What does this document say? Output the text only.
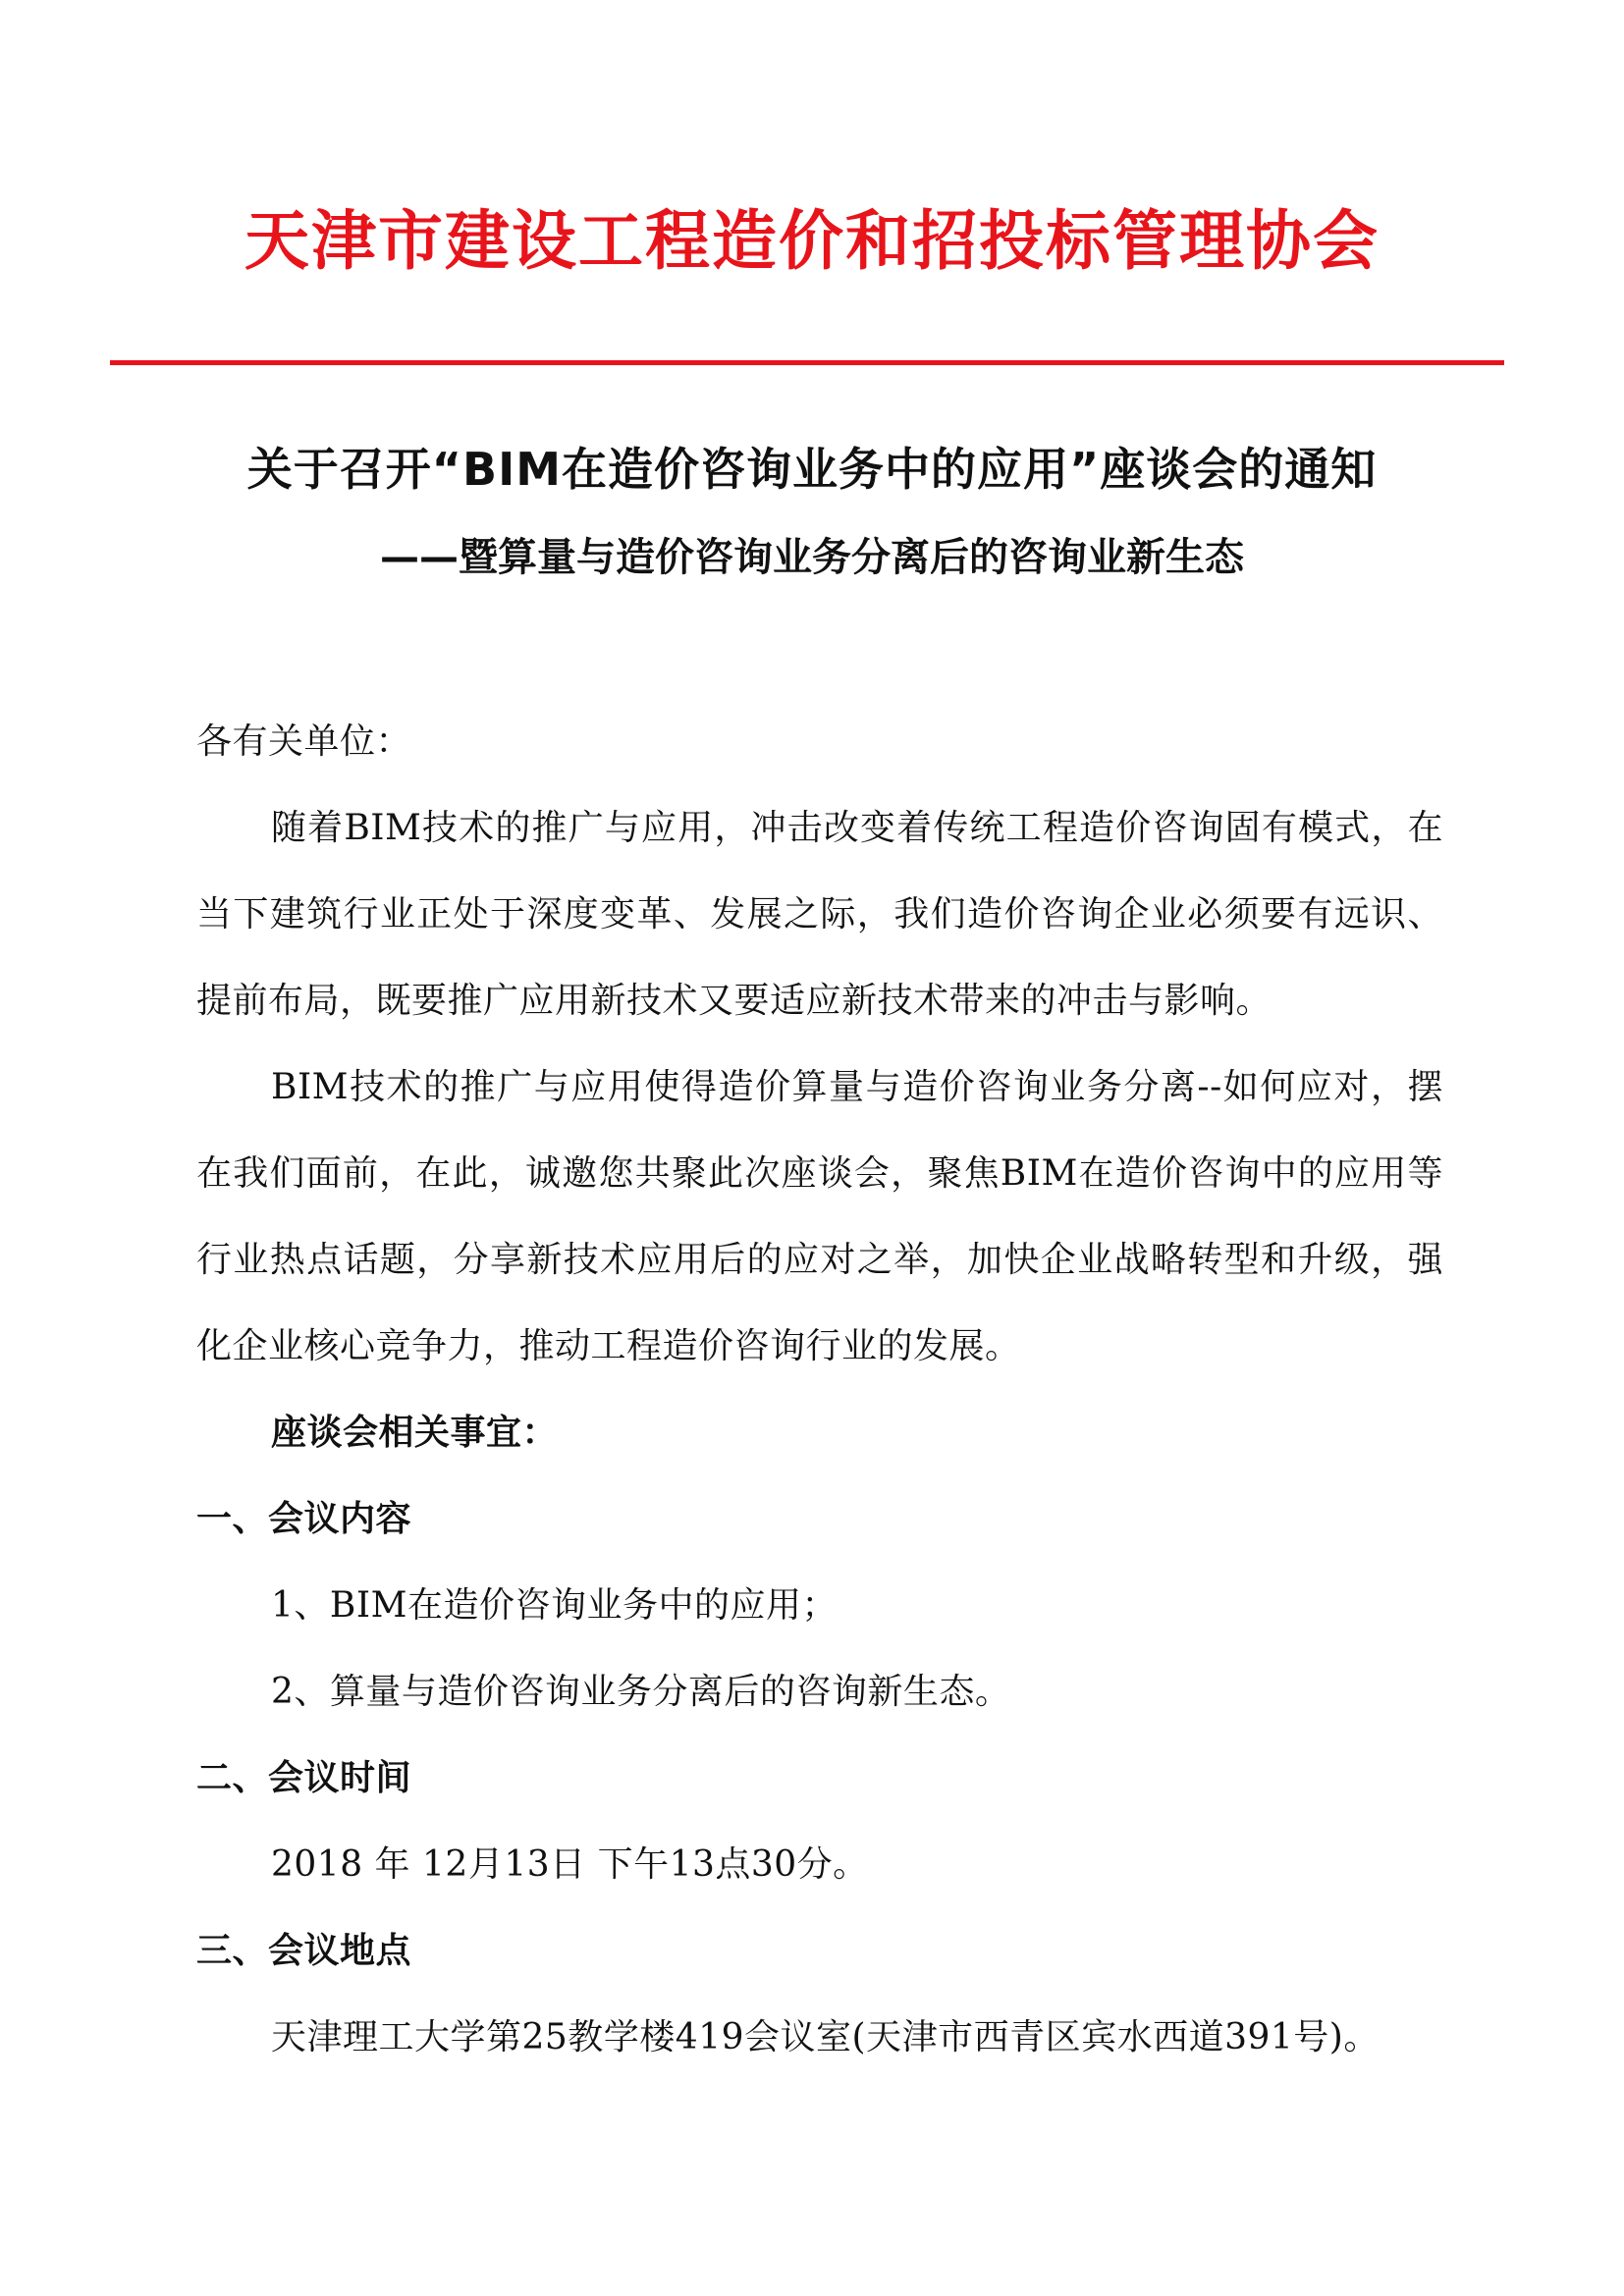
天津市建设工程造价和招投标管理协会
关于召开“BIM在造价咨询业务中的应用”座谈会的通知
——暨算量与造价咨询业务分离后的咨询业新生态

各有关单位：

随着BIM技术的推广与应用，冲击改变着传统工程造价咨询固有模式，在当下建筑行业正处于深度变革、发展之际，我们造价咨询企业必须要有远识、提前布局，既要推广应用新技术又要适应新技术带来的冲击与影响。

BIM技术的推广与应用使得造价算量与造价咨询业务分离--如何应对，摆在我们面前，在此，诚邀您共聚此次座谈会，聚焦BIM在造价咨询中的应用等行业热点话题，分享新技术应用后的应对之举，加快企业战略转型和升级，强化企业核心竞争力，推动工程造价咨询行业的发展。

座谈会相关事宜：

一、会议内容

1、BIM在造价咨询业务中的应用；

2、算量与造价咨询业务分离后的咨询新生态。

二、会议时间

2018 年 12月13日 下午13点30分。

三、会议地点

天津理工大学第25教学楼419会议室(天津市西青区宾水西道391号)。
